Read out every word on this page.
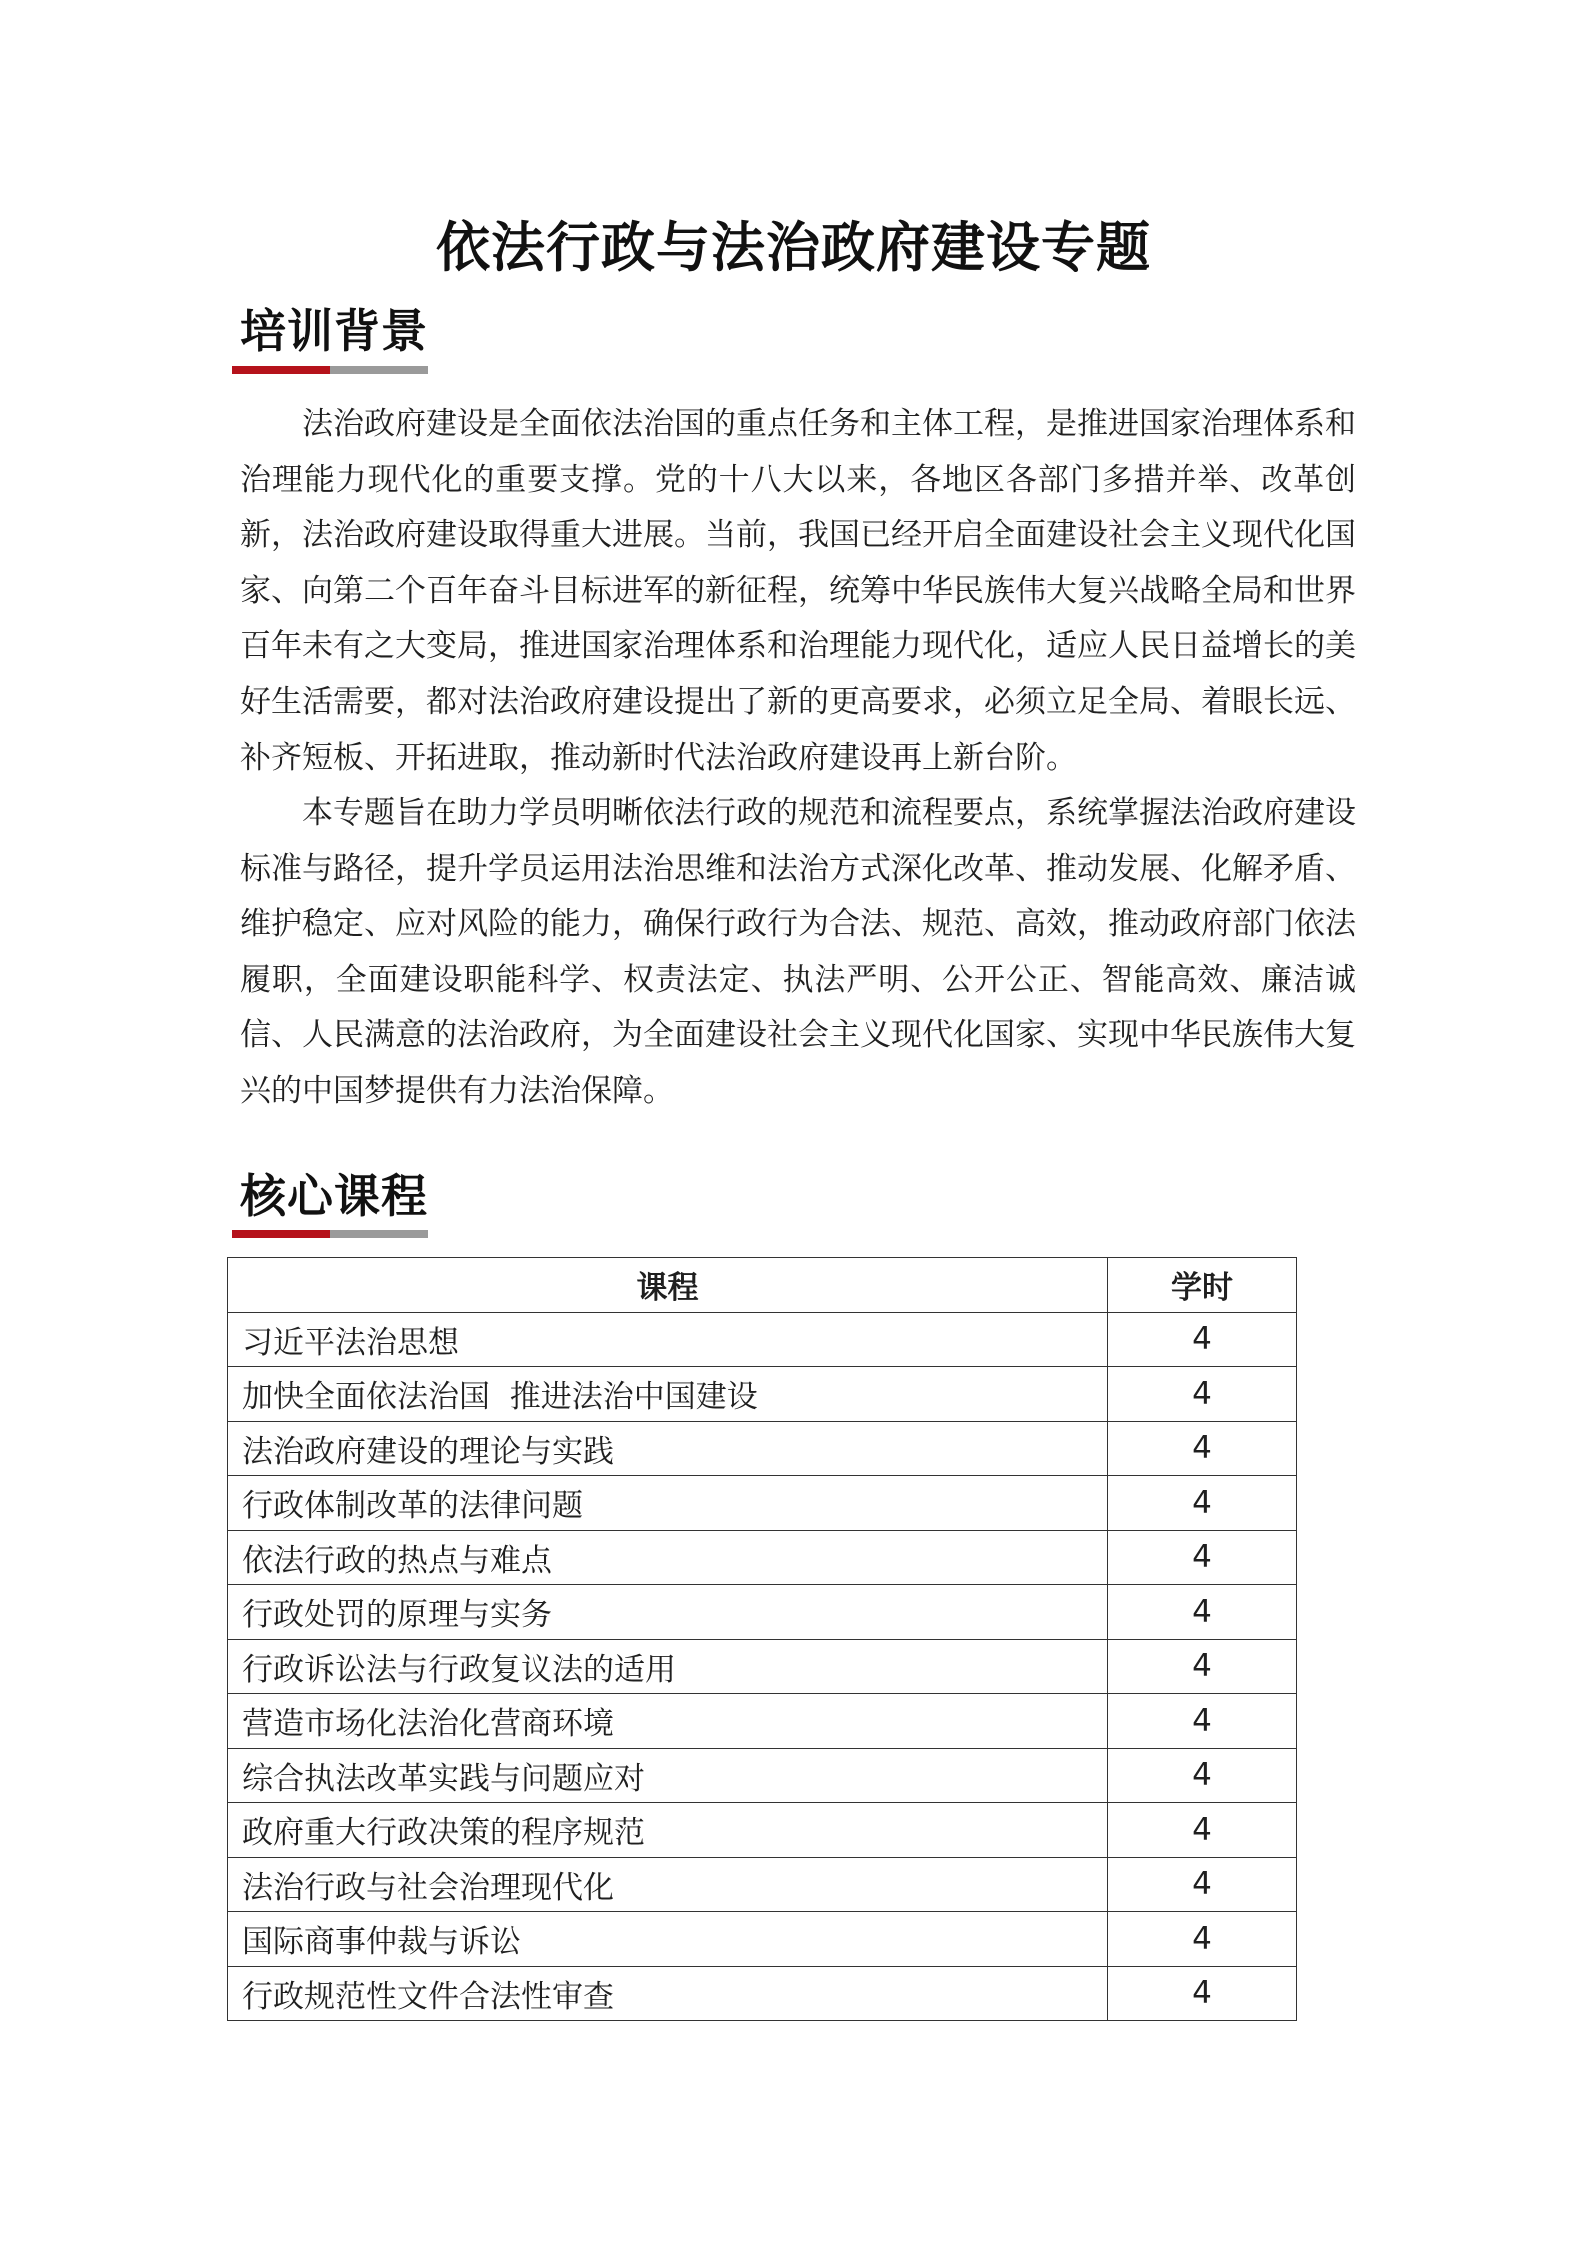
依法行政与法治政府建设专题
培训背景

法治政府建设是全面依法治国的重点任务和主体工程，是推进国家治理体系和治理能力现代化的重要支撑。党的十八大以来，各地区各部门多措并举、改革创新，法治政府建设取得重大进展。当前，我国已经开启全面建设社会主义现代化国家、向第二个百年奋斗目标进军的新征程，统筹中华民族伟大复兴战略全局和世界百年未有之大变局，推进国家治理体系和治理能力现代化，适应人民日益增长的美好生活需要，都对法治政府建设提出了新的更高要求，必须立足全局、着眼长远、补齐短板、开拓进取，推动新时代法治政府建设再上新台阶。

本专题旨在助力学员明晰依法行政的规范和流程要点，系统掌握法治政府建设标准与路径，提升学员运用法治思维和法治方式深化改革、推动发展、化解矛盾、维护稳定、应对风险的能力，确保行政行为合法、规范、高效，推动政府部门依法履职，全面建设职能科学、权责法定、执法严明、公开公正、智能高效、廉洁诚信、人民满意的法治政府，为全面建设社会主义现代化国家、实现中华民族伟大复兴的中国梦提供有力法治保障。

核心课程
课程	学时
习近平法治思想	4
加快全面依法治国  推进法治中国建设	4
法治政府建设的理论与实践	4
行政体制改革的法律问题	4
依法行政的热点与难点	4
行政处罚的原理与实务	4
行政诉讼法与行政复议法的适用	4
营造市场化法治化营商环境	4
综合执法改革实践与问题应对	4
政府重大行政决策的程序规范	4
法治行政与社会治理现代化	4
国际商事仲裁与诉讼	4
行政规范性文件合法性审查	4
